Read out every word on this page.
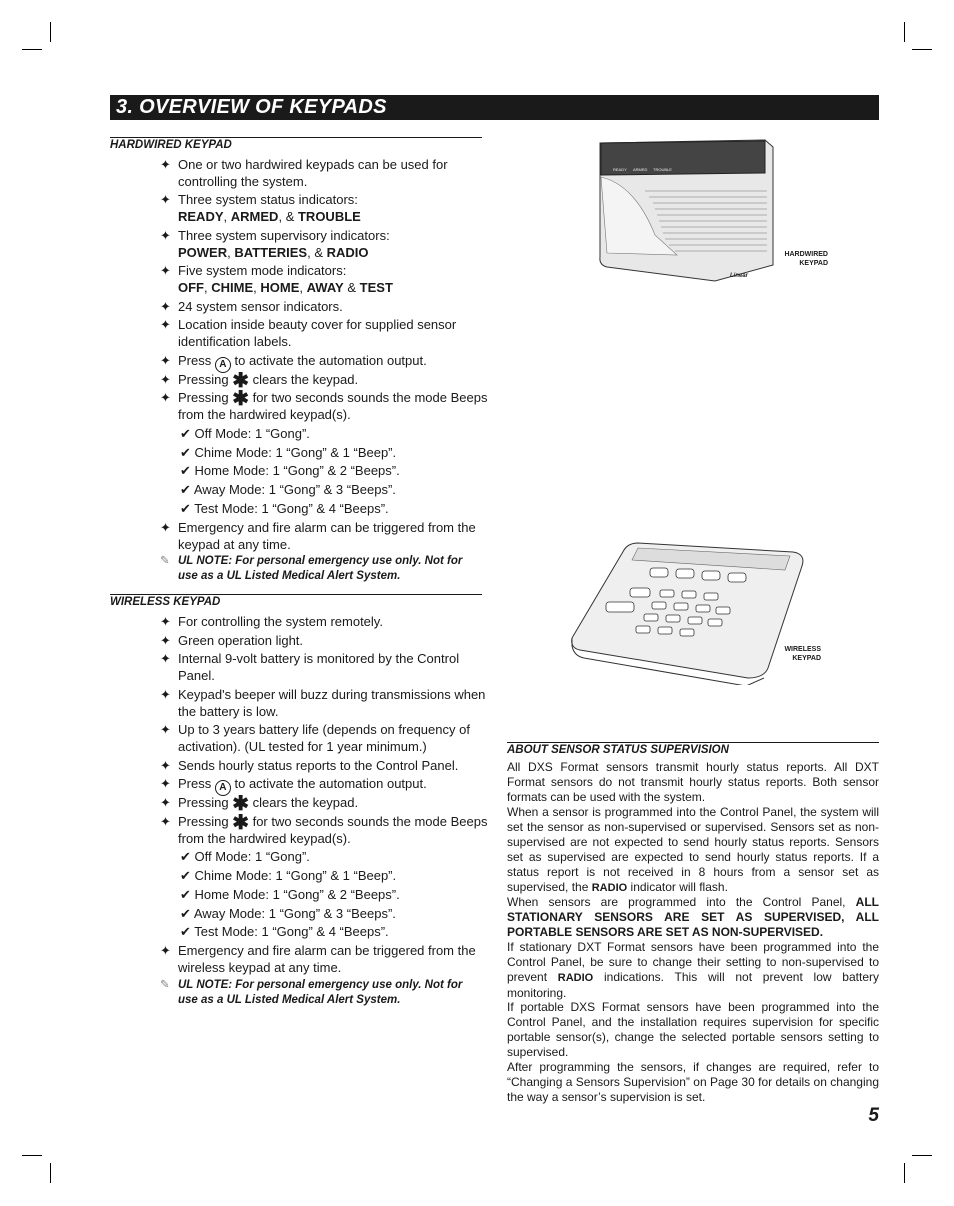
3. OVERVIEW OF KEYPADS
HARDWIRED KEYPAD
✦ One or two hardwired keypads can be used for controlling the system.
✦ Three system status indicators:
READY, ARMED, & TROUBLE
✦ Three system supervisory indicators:
POWER, BATTERIES, & RADIO
✦ Five system mode indicators:
OFF, CHIME, HOME, AWAY & TEST
✦ 24 system sensor indicators.
✦ Location inside beauty cover for supplied sensor identification labels.
✦ Press A to activate the automation output.
✦ Pressing ✱ clears the keypad.
✦ Pressing ✱ for two seconds sounds the mode Beeps from the hardwired keypad(s).
✔ Off Mode: 1 “Gong”.
✔ Chime Mode: 1 “Gong” & 1 “Beep”.
✔ Home Mode: 1 “Gong” & 2 “Beeps”.
✔ Away Mode: 1 “Gong” & 3 “Beeps”.
✔ Test Mode: 1 “Gong” & 4 “Beeps”.
✦ Emergency and fire alarm can be triggered from the keypad at any time.
✎ UL NOTE: For personal emergency use only. Not for use as a UL Listed Medical Alert System.
WIRELESS KEYPAD
✦ For controlling the system remotely.
✦ Green operation light.
✦ Internal 9-volt battery is monitored by the Control Panel.
✦ Keypad's beeper will buzz during transmissions when the battery is low.
✦ Up to 3 years battery life (depends on frequency of activation). (UL tested for 1 year minimum.)
✦ Sends hourly status reports to the Control Panel.
✦ Press A to activate the automation output.
✦ Pressing ✱ clears the keypad.
✦ Pressing ✱ for two seconds sounds the mode Beeps from the hardwired keypad(s).
✔ Off Mode: 1 “Gong”.
✔ Chime Mode: 1 “Gong” & 1 “Beep”.
✔ Home Mode: 1 “Gong” & 2 “Beeps”.
✔ Away Mode: 1 “Gong” & 3 “Beeps”.
✔ Test Mode: 1 “Gong” & 4 “Beeps”.
✦ Emergency and fire alarm can be triggered from the wireless keypad at any time.
✎ UL NOTE: For personal emergency use only. Not for use as a UL Listed Medical Alert System.
READY ARMED TROUBLE
Linear
HARDWIRED
KEYPAD
WIRELESS
KEYPAD
ABOUT SENSOR STATUS SUPERVISION
All DXS Format sensors transmit hourly status reports. All DXT Format sensors do not transmit hourly status reports. Both sensor formats can be used with the system.
When a sensor is programmed into the Control Panel, the system will set the sensor as non-supervised or supervised. Sensors set as non-supervised are not expected to send hourly status reports. Sensors set as supervised are expected to send hourly status reports. If a status report is not received in 8 hours from a sensor set as supervised, the RADIO indicator will flash.
When sensors are programmed into the Control Panel, ALL STATIONARY SENSORS ARE SET AS SUPERVISED, ALL PORTABLE SENSORS ARE SET AS NON-SUPERVISED.
If stationary DXT Format sensors have been programmed into the Control Panel, be sure to change their setting to non-supervised to prevent RADIO indications. This will not prevent low battery monitoring.
If portable DXS Format sensors have been programmed into the Control Panel, and the installation requires supervision for specific portable sensor(s), change the selected portable sensors setting to supervised.
After programming the sensors, if changes are required, refer to “Changing a Sensors Supervision” on Page 30 for details on changing the way a sensor’s supervision is set.
5
